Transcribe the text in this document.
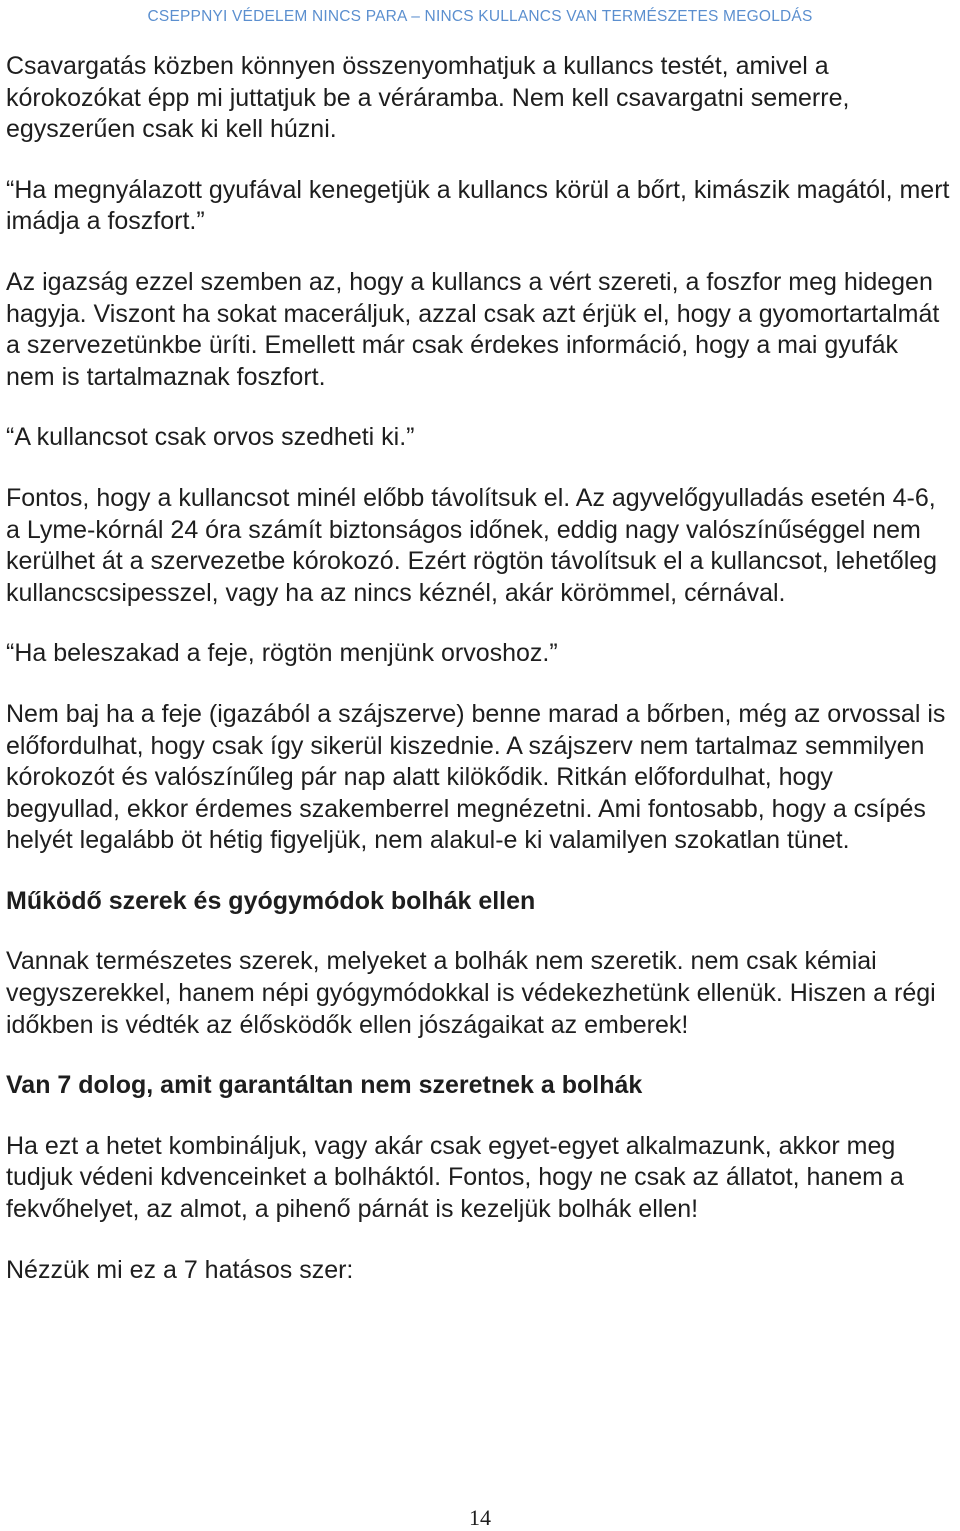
CSEPPNYI VÉDELEM NINCS PARA – NINCS KULLANCS VAN TERMÉSZETES MEGOLDÁS

Csavargatás közben könnyen összenyomhatjuk a kullancs testét, amivel a kórokozókat épp mi juttatjuk be a véráramba. Nem kell csavargatni semerre, egyszerűen csak ki kell húzni.

“Ha megnyálazott gyufával kenegetjük a kullancs körül a bőrt, kimászik magától, mert imádja a foszfort.”

Az igazság ezzel szemben az, hogy a kullancs a vért szereti, a foszfor meg hidegen hagyja. Viszont ha sokat maceráljuk, azzal csak azt érjük el, hogy a gyomortartalmát a szervezetünkbe üríti. Emellett már csak érdekes információ, hogy a mai gyufák nem is tartalmaznak foszfort.

“A kullancsot csak orvos szedheti ki.”

Fontos, hogy a kullancsot minél előbb távolítsuk el. Az agyvelőgyulladás esetén 4-6, a Lyme-kórnál 24 óra számít biztonságos időnek, eddig nagy valószínűséggel nem kerülhet át a szervezetbe kórokozó. Ezért rögtön távolítsuk el a kullancsot, lehetőleg kullancscsipesszel, vagy ha az nincs kéznél, akár körömmel, cérnával.

“Ha beleszakad a feje, rögtön menjünk orvoshoz.”

Nem baj ha a feje (igazából a szájszerve) benne marad a bőrben, még az orvossal is előfordulhat, hogy csak így sikerül kiszednie. A szájszerv nem tartalmaz semmilyen kórokozót és valószínűleg pár nap alatt kilökődik. Ritkán előfordulhat, hogy begyullad, ekkor érdemes szakemberrel megnézetni. Ami fontosabb, hogy a csípés helyét legalább öt hétig figyeljük, nem alakul-e ki valamilyen szokatlan tünet.

Működő szerek és gyógymódok bolhák ellen

Vannak természetes szerek, melyeket a bolhák nem szeretik. nem csak kémiai vegyszerekkel, hanem népi gyógymódokkal is védekezhetünk ellenük. Hiszen a régi időkben is védték az élősködők ellen jószágaikat az emberek!

Van 7 dolog, amit garantáltan nem szeretnek a bolhák

Ha ezt a hetet kombináljuk, vagy akár csak egyet-egyet alkalmazunk, akkor meg tudjuk védeni kdvenceinket a bolháktól. Fontos, hogy ne csak az állatot, hanem a fekvőhelyet, az almot, a pihenő párnát is kezeljük bolhák ellen!

Nézzük mi ez a 7 hatásos szer:

14
